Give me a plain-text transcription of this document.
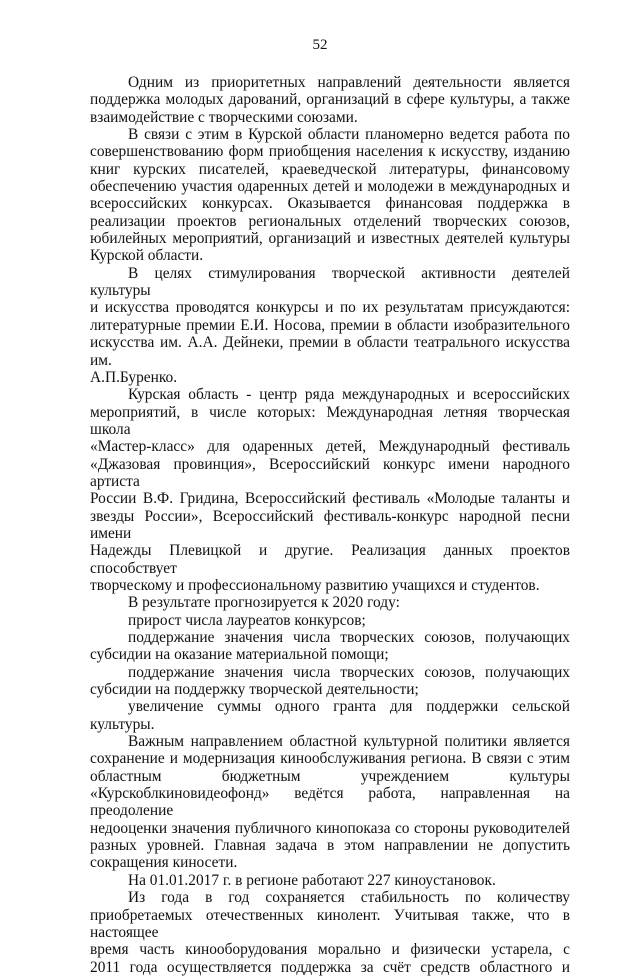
52

Одним из приоритетных направлений деятельности является
поддержка молодых дарований, организаций в сфере культуры, а также
взаимодействие с творческими союзами.

В связи с этим в Курской области планомерно ведется работа по
совершенствованию форм приобщения населения к искусству, изданию
книг курских писателей, краеведческой литературы, финансовому
обеспечению участия одаренных детей и молодежи в международных и
всероссийских конкурсах. Оказывается финансовая поддержка в
реализации проектов региональных отделений творческих союзов,
юбилейных мероприятий, организаций и известных деятелей культуры
Курской области.

В целях стимулирования творческой активности деятелей культуры
и искусства проводятся конкурсы и по их результатам присуждаются:
литературные премии Е.И. Носова, премии в области изобразительного
искусства им. А.А. Дейнеки, премии в области театрального искусства им.
А.П.Буренко.

Курская область - центр ряда международных и всероссийских
мероприятий, в числе которых: Международная летняя творческая школа
«Мастер-класс» для одаренных детей, Международный фестиваль
«Джазовая провинция», Всероссийский конкурс имени народного артиста
России В.Ф. Гридина, Всероссийский фестиваль «Молодые таланты и
звезды России», Всероссийский фестиваль-конкурс народной песни имени
Надежды Плевицкой и другие. Реализация данных проектов способствует
творческому и профессиональному развитию учащихся и студентов.

В результате прогнозируется к 2020 году:

прирост числа лауреатов конкурсов;

поддержание значения числа творческих союзов, получающих
субсидии на оказание материальной помощи;

поддержание значения числа творческих союзов, получающих
субсидии на поддержку творческой деятельности;

увеличение суммы одного гранта для поддержки сельской культуры.

Важным направлением областной культурной политики является
сохранение и модернизация кинообслуживания региона. В связи с этим
областным бюджетным учреждением культуры
«Курскоблкиновидеофонд» ведётся работа, направленная на преодоление
недооценки значения публичного кинопоказа со стороны руководителей
разных уровней. Главная задача в этом направлении не допустить
сокращения киносети.

На 01.01.2017 г. в регионе работают 227 киноустановок.

Из года в год сохраняется стабильность по количеству
приобретаемых отечественных кинолент. Учитывая также, что в настоящее
время часть кинооборудования морально и физически устарела, с
2011 года осуществляется поддержка за счёт средств областного и
